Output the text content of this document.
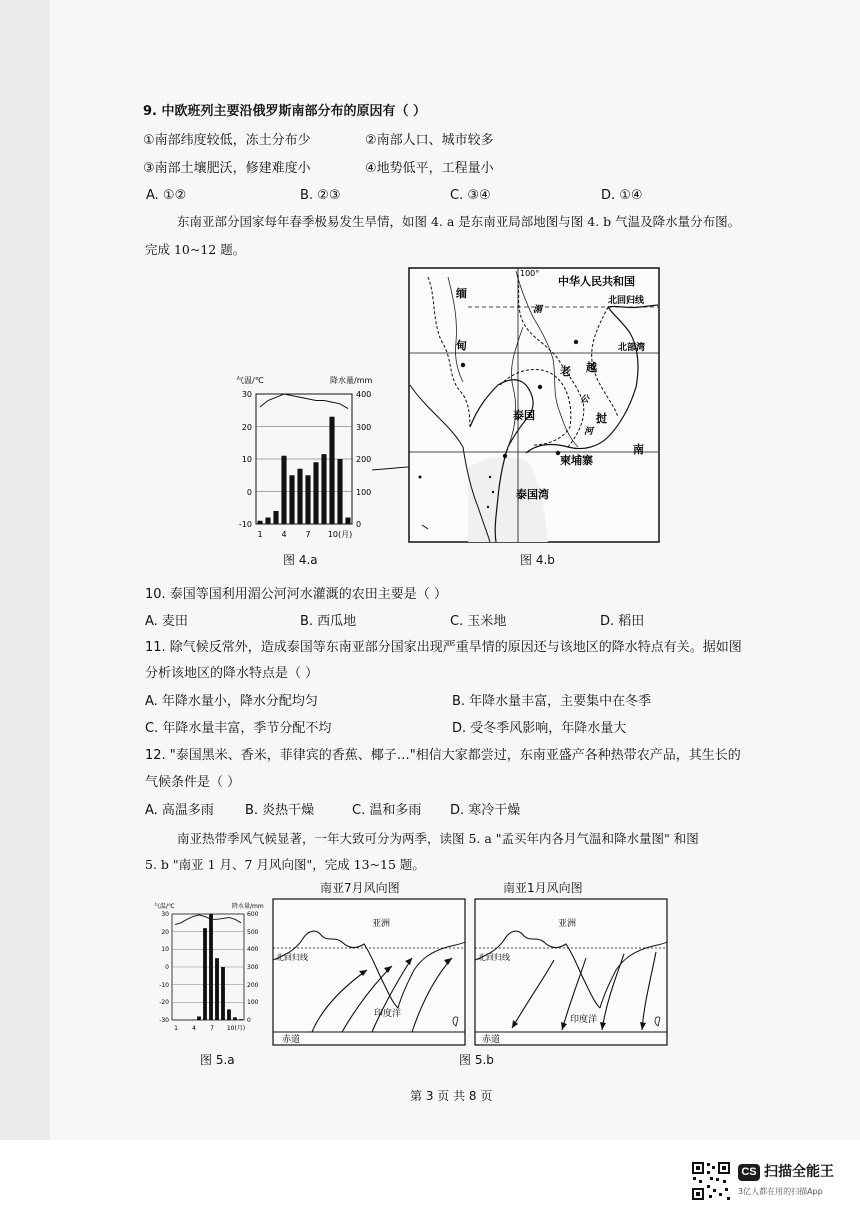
9. 中欧班列主要沿俄罗斯南部分布的原因有（ ）
①南部纬度较低，冻土分布少	②南部人口、城市较多
③南部土壤肥沃，修建难度小	④地势低平，工程量小
A. ①②	B. ②③	C. ③④	D. ①④
东南亚部分国家每年春季极易发生旱情，如图 4. a 是东南亚局部地图与图 4. b 气温及降水量分布图。
完成 10~12 题。
气温/℃	降水量/mm
30
20
10
0
-10
400
300
200
100
0
1 4 7 10(月)
图 4.a
100°
中华人民共和国
缅
甸
老 越
泰国	挝
南
柬埔寨
泰国湾
北回归线
北部湾
湄
公
河
图 4.b
10. 泰国等国利用湄公河河水灌溉的农田主要是（ ）
A. 麦田	B. 西瓜地	C. 玉米地	D. 稻田
11. 除气候反常外，造成泰国等东南亚部分国家出现严重旱情的原因还与该地区的降水特点有关。据如图
分析该地区的降水特点是（ ）
A. 年降水量小，降水分配均匀	B. 年降水量丰富，主要集中在冬季
C. 年降水量丰富，季节分配不均	D. 受冬季风影响，年降水量大
12. "泰国黑米、香米，菲律宾的香蕉、椰子…"相信大家都尝过，东南亚盛产各种热带农产品，其生长的
气候条件是（ ）
A. 高温多雨 B. 炎热干燥	C. 温和多雨 D. 寒冷干燥
南亚热带季风气候显著，一年大致可分为两季，读图 5. a "孟买年内各月气温和降水量图" 和图
5. b "南亚 1 月、7 月风向图"，完成 13~15 题。
气温/℃	降水量/mm
30
20
10
0
-10
-20
-30
600
500
400
300
200
100
0
1 4 7 10(月)
图 5.a
南亚7月风向图	南亚1月风向图
亚洲
北回归线
印度洋
赤道
亚洲
北回归线
印度洋
赤道
图 5.b
第 3 页 共 8 页
CS 扫描全能王
3亿人都在用的扫描App
